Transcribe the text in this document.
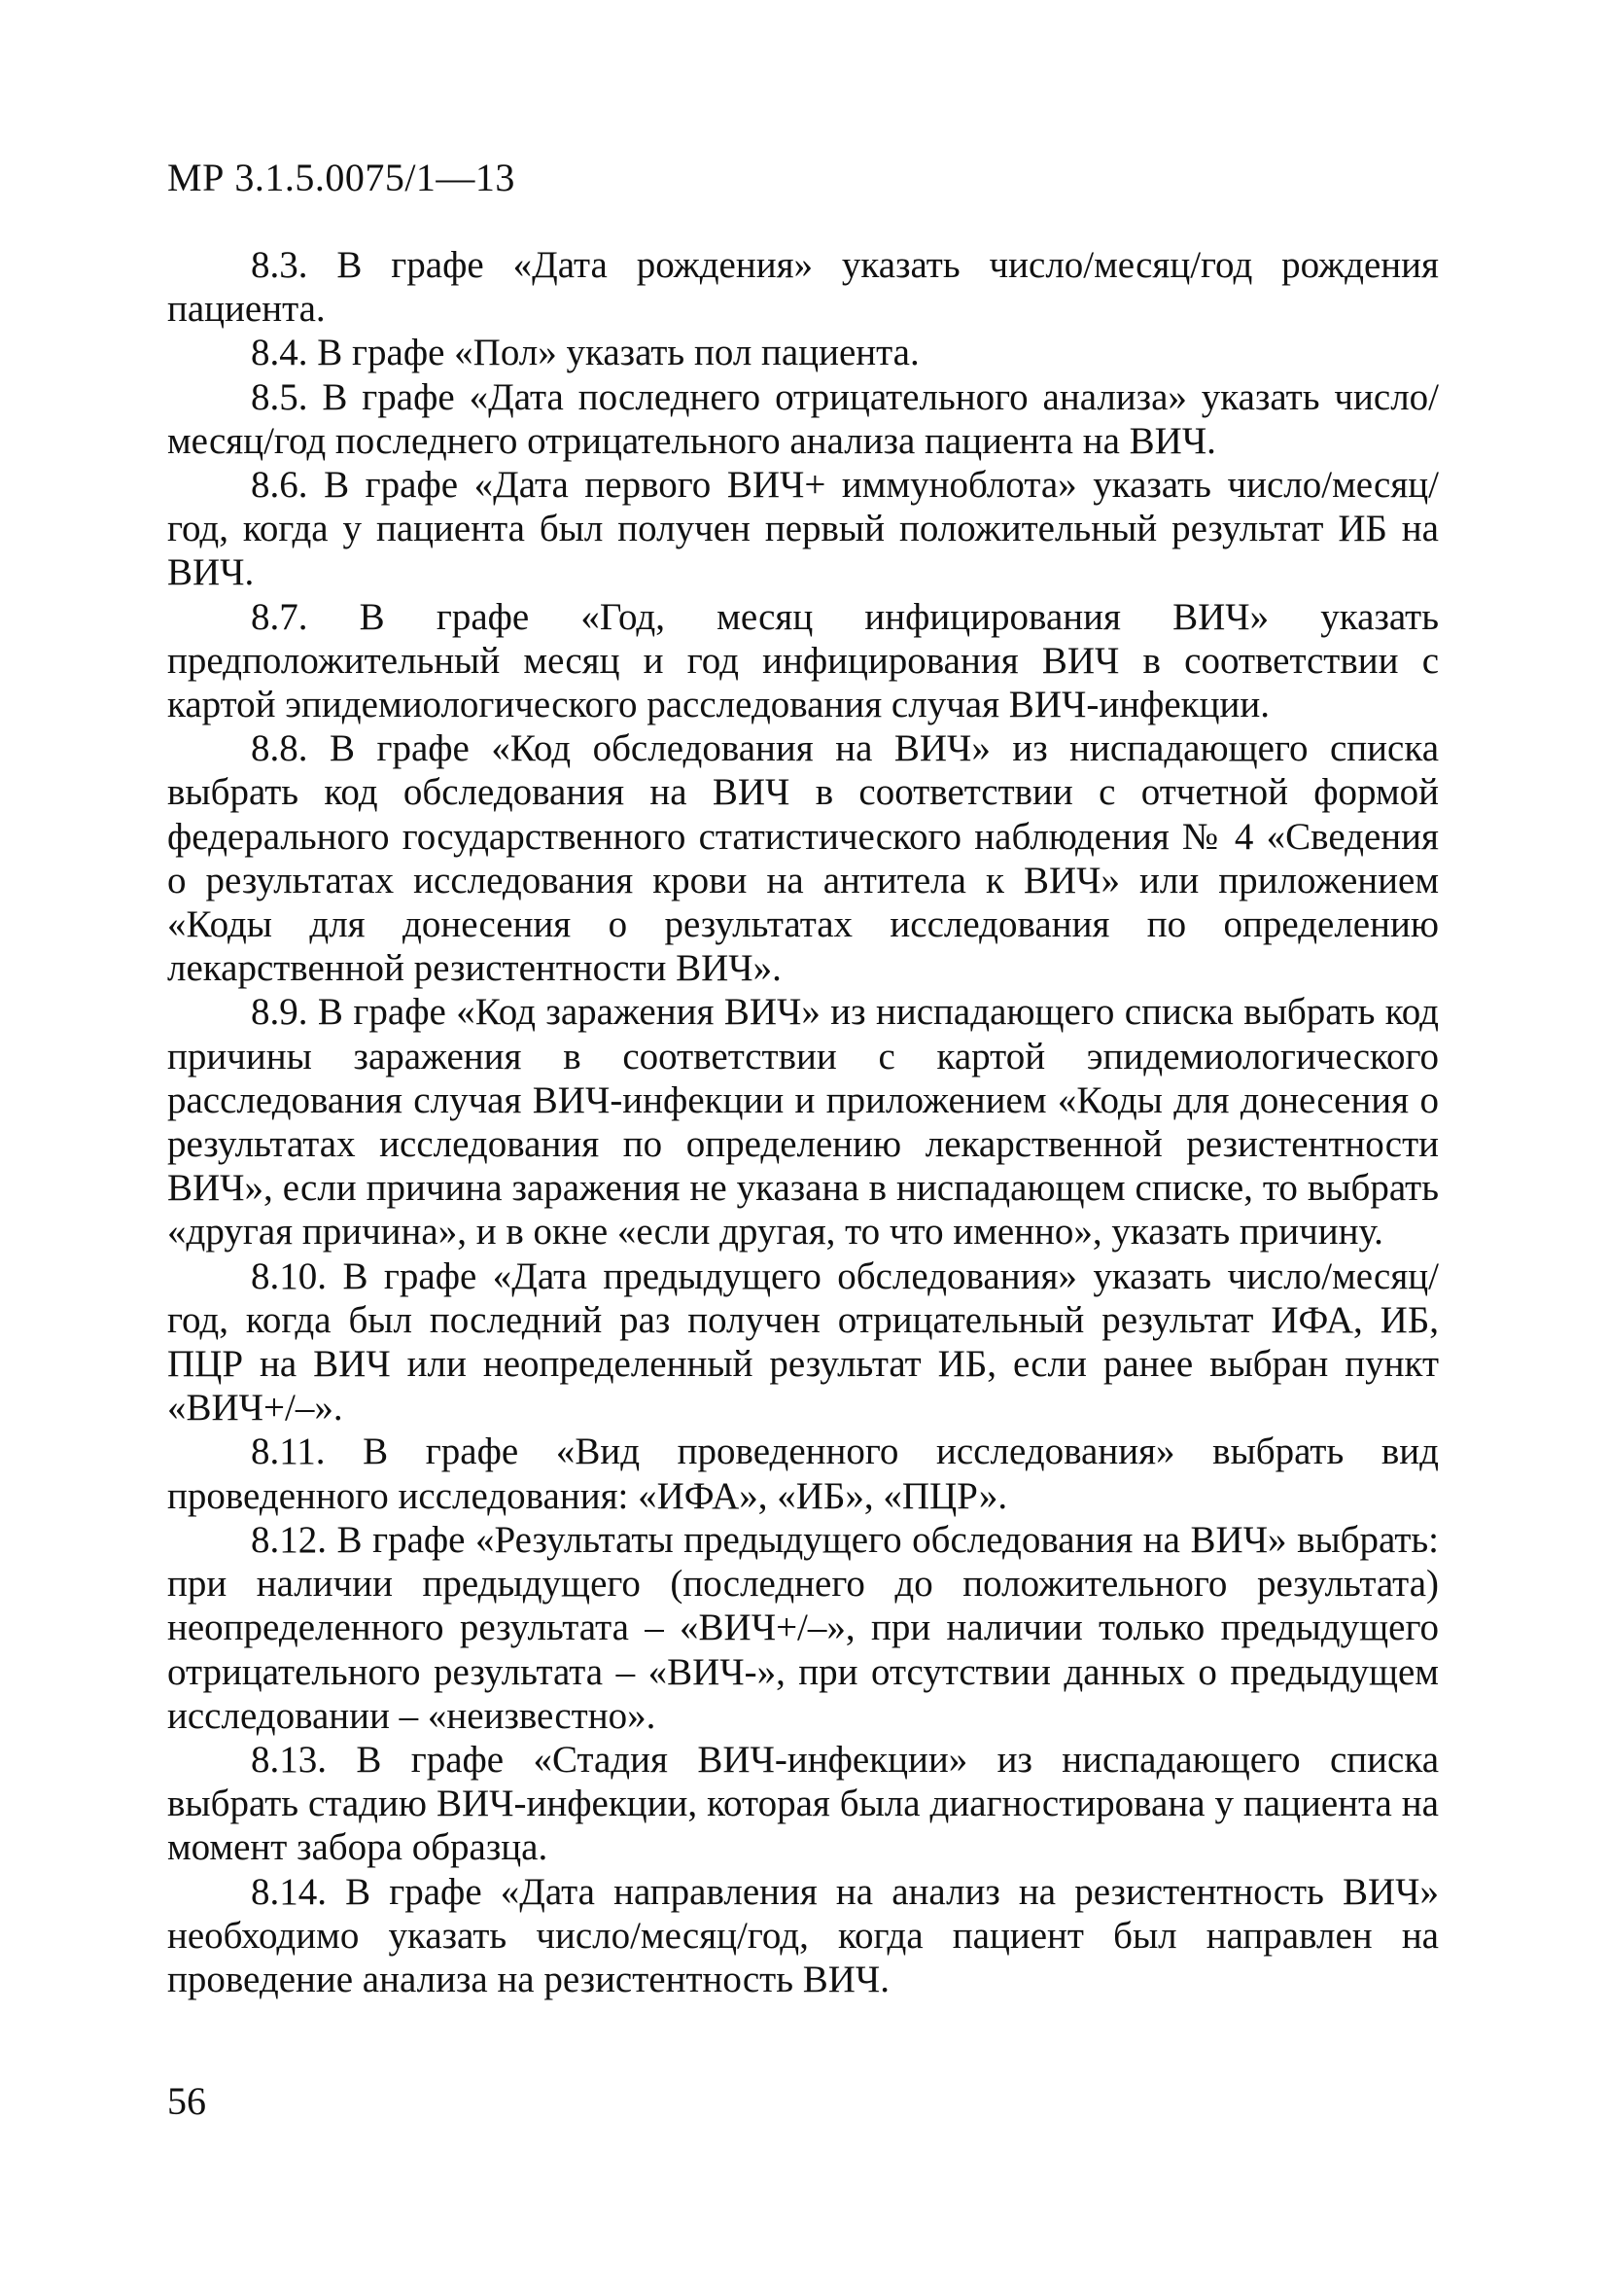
МР 3.1.5.0075/1—13

8.3. В графе «Дата рождения» указать число/месяц/год рождения пациента.

8.4. В графе «Пол» указать пол пациента.

8.5. В графе «Дата последнего отрицательного анализа» указать число/месяц/год последнего отрицательного анализа пациента на ВИЧ.

8.6. В графе «Дата первого ВИЧ+ иммуноблота» указать число/месяц/год, когда у пациента был получен первый положительный результат ИБ на ВИЧ.

8.7. В графе «Год, месяц инфицирования ВИЧ» указать предположительный месяц и год инфицирования ВИЧ в соответствии с картой эпидемиологического расследования случая ВИЧ-инфекции.

8.8. В графе «Код обследования на ВИЧ» из ниспадающего списка выбрать код обследования на ВИЧ в соответствии с отчетной формой федерального государственного статистического наблюдения № 4 «Сведения о результатах исследования крови на антитела к ВИЧ» или приложением «Коды для донесения о результатах исследования по определению лекарственной резистентности ВИЧ».

8.9. В графе «Код заражения ВИЧ» из ниспадающего списка выбрать код причины заражения в соответствии с картой эпидемиологического расследования случая ВИЧ-инфекции и приложением «Коды для донесения о результатах исследования по определению лекарственной резистентности ВИЧ», если причина заражения не указана в ниспадающем списке, то выбрать «другая причина», и в окне «если другая, то что именно», указать причину.

8.10. В графе «Дата предыдущего обследования» указать число/месяц/год, когда был последний раз получен отрицательный результат ИФА, ИБ, ПЦР на ВИЧ или неопределенный результат ИБ, если ранее выбран пункт «ВИЧ+/–».

8.11. В графе «Вид проведенного исследования» выбрать вид проведенного исследования: «ИФА», «ИБ», «ПЦР».

8.12. В графе «Результаты предыдущего обследования на ВИЧ» выбрать: при наличии предыдущего (последнего до положительного результата) неопределенного результата – «ВИЧ+/–», при наличии только предыдущего отрицательного результата – «ВИЧ-», при отсутствии данных о предыдущем исследовании – «неизвестно».

8.13. В графе «Стадия ВИЧ-инфекции» из ниспадающего списка выбрать стадию ВИЧ-инфекции, которая была диагностирована у пациента на момент забора образца.

8.14. В графе «Дата направления на анализ на резистентность ВИЧ» необходимо указать число/месяц/год, когда пациент был направлен на проведение анализа на резистентность ВИЧ.

56
